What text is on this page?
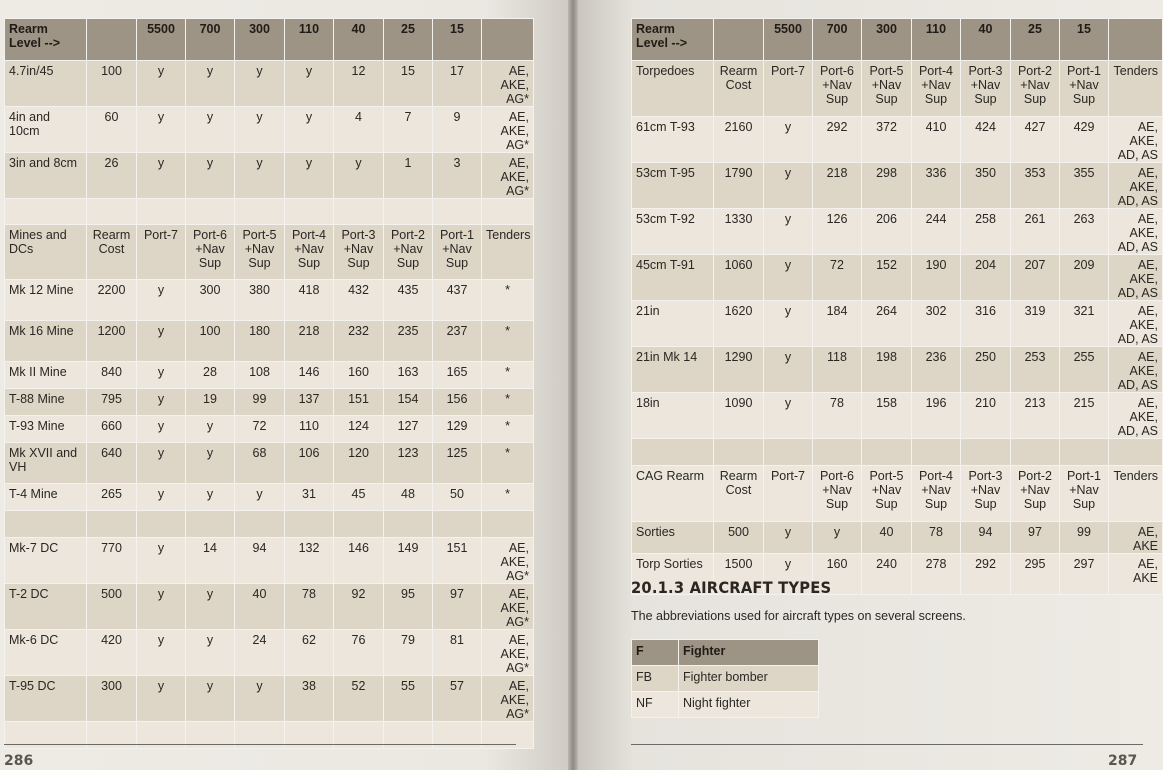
Rearm Level -->		5500	700	300	110	40	25	15	
4.7in/45	100	y	y	y	y	12	15	17	AE, AKE, AG*
4in and 10cm	60	y	y	y	y	4	7	9	AE, AKE, AG*
3in and 8cm	26	y	y	y	y	y	1	3	AE, AKE, AG*

Mines and DCs	Rearm Cost	Port-7	Port-6 +Nav Sup	Port-5 +Nav Sup	Port-4 +Nav Sup	Port-3 +Nav Sup	Port-2 +Nav Sup	Port-1 +Nav Sup	Tenders
Mk 12 Mine	2200	y	300	380	418	432	435	437	*
Mk 16 Mine	1200	y	100	180	218	232	235	237	*
Mk II Mine	840	y	28	108	146	160	163	165	*
T-88 Mine	795	y	19	99	137	151	154	156	*
T-93 Mine	660	y	y	72	110	124	127	129	*
Mk XVII and VH	640	y	y	68	106	120	123	125	*
T-4 Mine	265	y	y	y	31	45	48	50	*

Mk-7 DC	770	y	14	94	132	146	149	151	AE, AKE, AG*
T-2 DC	500	y	y	40	78	92	95	97	AE, AKE, AG*
Mk-6 DC	420	y	y	24	62	76	79	81	AE, AKE, AG*
T-95 DC	300	y	y	y	38	52	55	57	AE, AKE, AG*

Rearm Level -->		5500	700	300	110	40	25	15	
Torpedoes	Rearm Cost	Port-7	Port-6 +Nav Sup	Port-5 +Nav Sup	Port-4 +Nav Sup	Port-3 +Nav Sup	Port-2 +Nav Sup	Port-1 +Nav Sup	Tenders
61cm T-93	2160	y	292	372	410	424	427	429	AE, AKE, AD, AS
53cm T-95	1790	y	218	298	336	350	353	355	AE, AKE, AD, AS
53cm T-92	1330	y	126	206	244	258	261	263	AE, AKE, AD, AS
45cm T-91	1060	y	72	152	190	204	207	209	AE, AKE, AD, AS
21in	1620	y	184	264	302	316	319	321	AE, AKE, AD, AS
21in Mk 14	1290	y	118	198	236	250	253	255	AE, AKE, AD, AS
18in	1090	y	78	158	196	210	213	215	AE, AKE, AD, AS

CAG Rearm	Rearm Cost	Port-7	Port-6 +Nav Sup	Port-5 +Nav Sup	Port-4 +Nav Sup	Port-3 +Nav Sup	Port-2 +Nav Sup	Port-1 +Nav Sup	Tenders
Sorties	500	y	y	40	78	94	97	99	AE, AKE
Torp Sorties	1500	y	160	240	278	292	295	297	AE, AKE
20.1.3 AIRCRAFT TYPES
The abbreviations used for aircraft types on several screens.
F	Fighter
FB	Fighter bomber
NF	Night fighter
286	287
